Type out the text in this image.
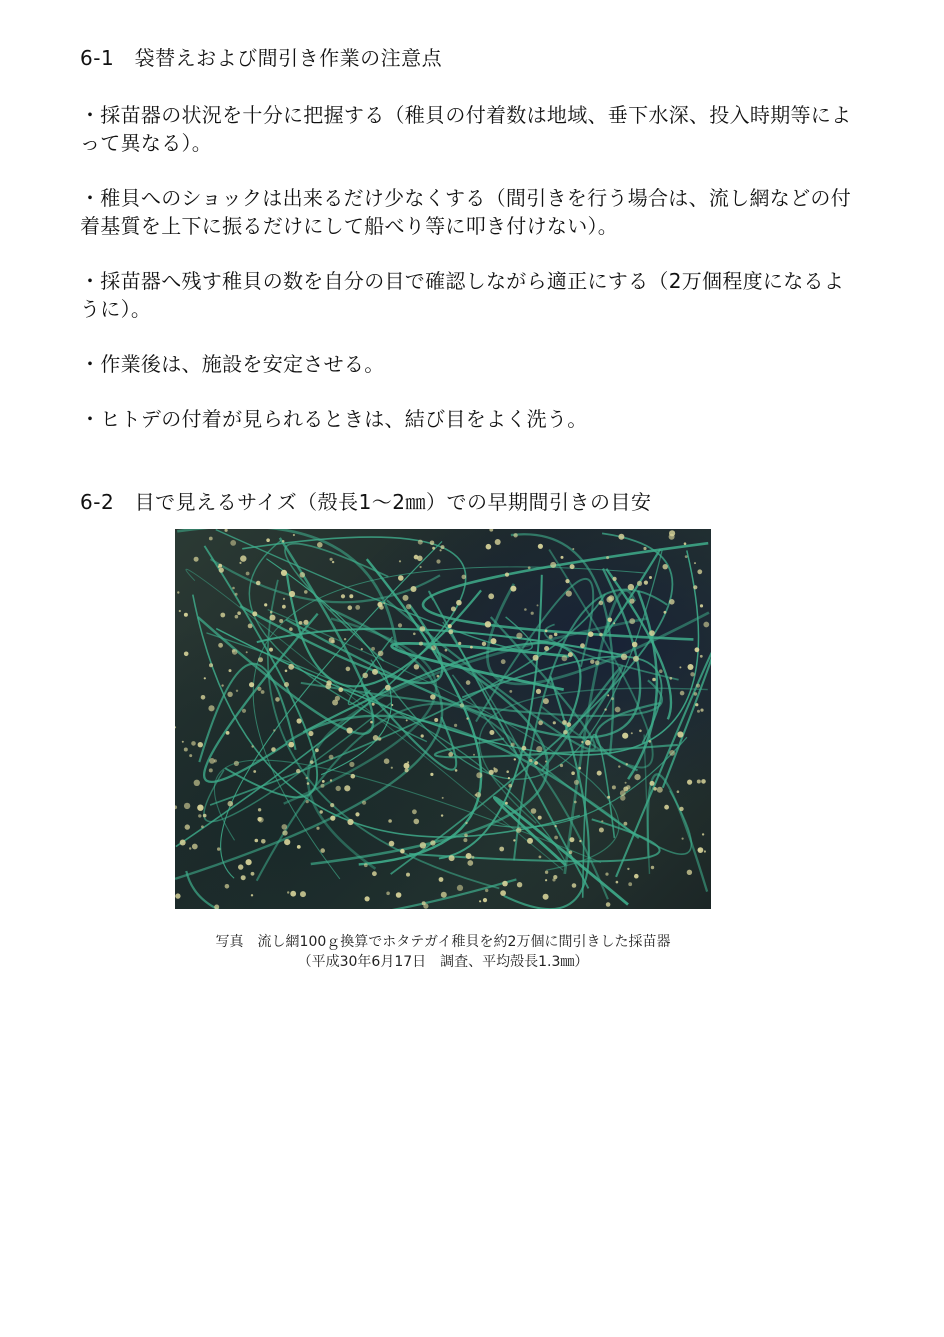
6-1　袋替えおよび間引き作業の注意点
・採苗器の状況を十分に把握する（稚貝の付着数は地域、垂下水深、投入時期等によって異なる）。
・稚貝へのショックは出来るだけ少なくする（間引きを行う場合は、流し網などの付着基質を上下に振るだけにして船べり等に叩き付けない）。
・採苗器へ残す稚貝の数を自分の目で確認しながら適正にする（2万個程度になるように）。
・作業後は、施設を安定させる。
・ヒトデの付着が見られるときは、結び目をよく洗う。
6-2　目で見えるサイズ（殻長1～2㎜）での早期間引きの目安
写真　流し網100ｇ換算でホタテガイ稚貝を約2万個に間引きした採苗器
（平成30年6月17日　調査、平均殻長1.3㎜）
